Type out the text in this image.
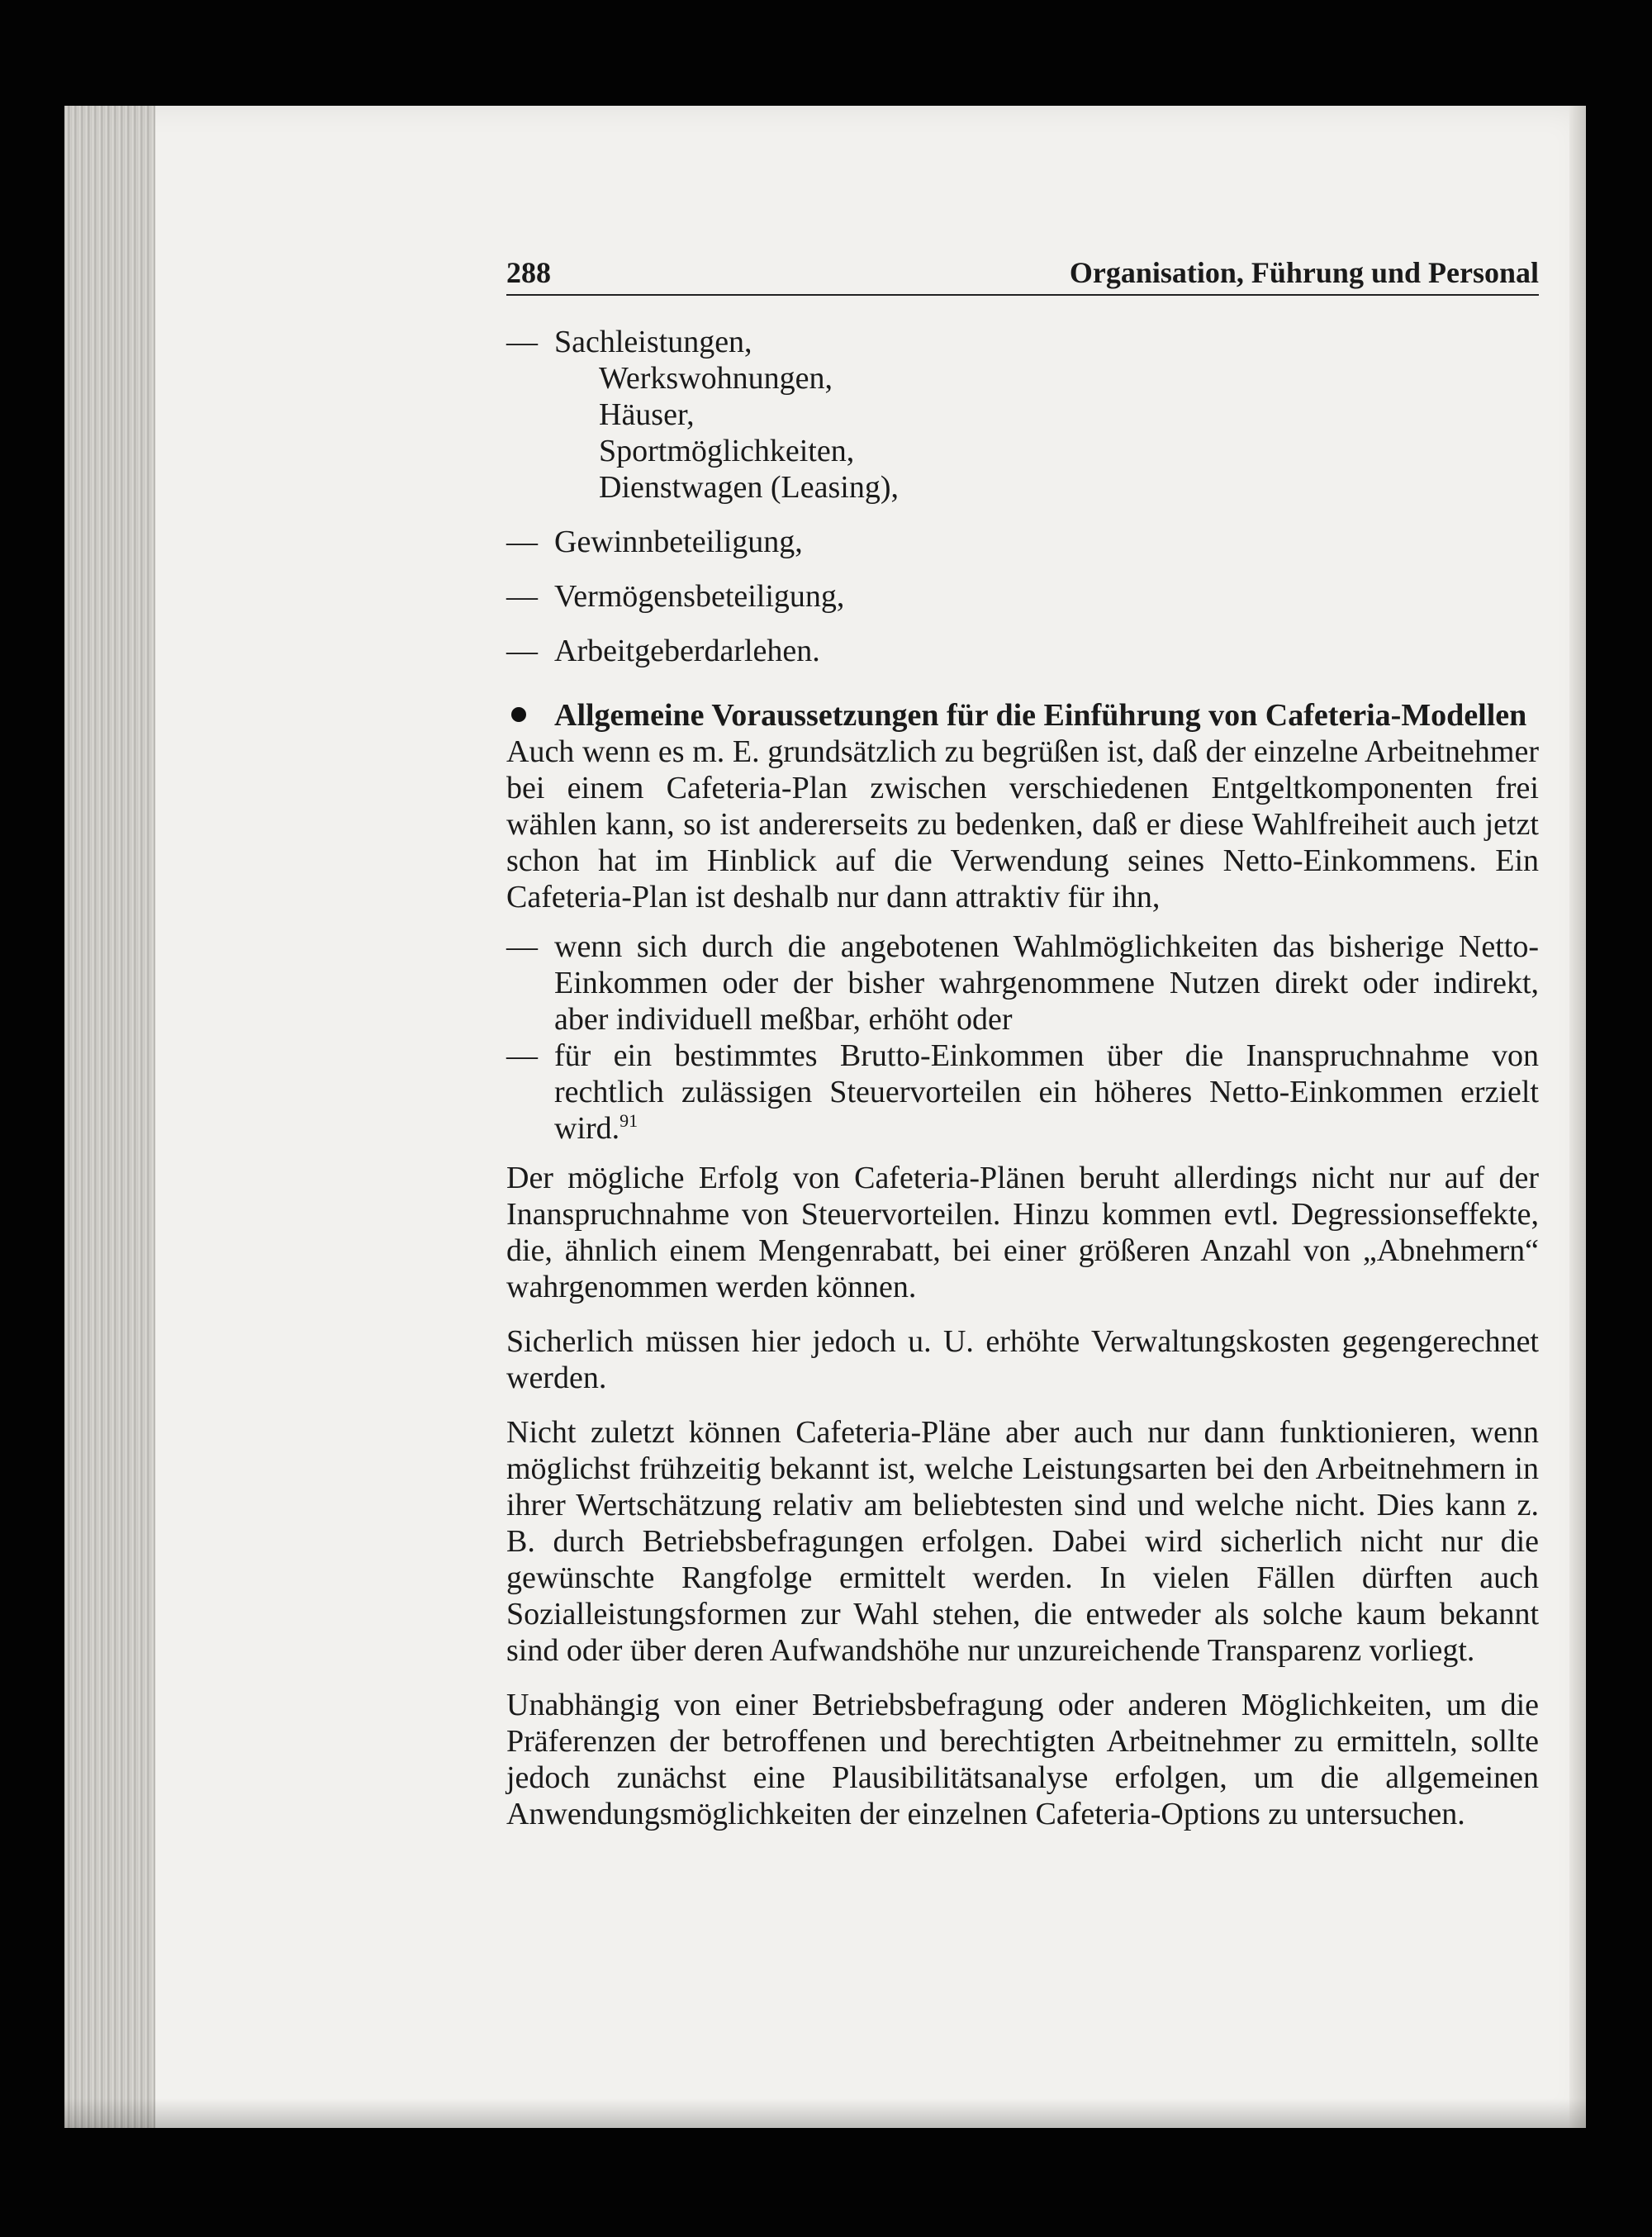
288	Organisation, Führung und Personal
— Sachleistungen,
Werkswohnungen,
Häuser,
Sportmöglichkeiten,
Dienstwagen (Leasing),
— Gewinnbeteiligung,
— Vermögensbeteiligung,
— Arbeitgeberdarlehen.
Allgemeine Voraussetzungen für die Einführung von Cafeteria-Modellen

Auch wenn es m. E. grundsätzlich zu begrüßen ist, daß der einzelne Arbeitnehmer bei einem Cafeteria-Plan zwischen verschiedenen Entgeltkomponenten frei wählen kann, so ist andererseits zu bedenken, daß er diese Wahlfreiheit auch jetzt schon hat im Hinblick auf die Verwendung seines Netto-Einkommens. Ein Cafeteria-Plan ist deshalb nur dann attraktiv für ihn,

— wenn sich durch die angebotenen Wahlmöglichkeiten das bisherige Netto-Einkommen oder der bisher wahrgenommene Nutzen direkt oder indirekt, aber individuell meßbar, erhöht oder
— für ein bestimmtes Brutto-Einkommen über die Inanspruchnahme von rechtlich zulässigen Steuervorteilen ein höheres Netto-Einkommen erzielt wird.$^{91}$

Der mögliche Erfolg von Cafeteria-Plänen beruht allerdings nicht nur auf der Inanspruchnahme von Steuervorteilen. Hinzu kommen evtl. Degressionseffekte, die, ähnlich einem Mengenrabatt, bei einer größeren Anzahl von „Abnehmern“ wahrgenommen werden können.

Sicherlich müssen hier jedoch u. U. erhöhte Verwaltungskosten gegengerechnet werden.

Nicht zuletzt können Cafeteria-Pläne aber auch nur dann funktionieren, wenn möglichst frühzeitig bekannt ist, welche Leistungsarten bei den Arbeitnehmern in ihrer Wertschätzung relativ am beliebtesten sind und welche nicht. Dies kann z. B. durch Betriebsbefragungen erfolgen. Dabei wird sicherlich nicht nur die gewünschte Rangfolge ermittelt werden. In vielen Fällen dürften auch Sozialleistungsformen zur Wahl stehen, die entweder als solche kaum bekannt sind oder über deren Aufwandshöhe nur unzureichende Transparenz vorliegt.

Unabhängig von einer Betriebsbefragung oder anderen Möglichkeiten, um die Präferenzen der betroffenen und berechtigten Arbeitnehmer zu ermitteln, sollte jedoch zunächst eine Plausibilitätsanalyse erfolgen, um die allgemeinen Anwendungsmöglichkeiten der einzelnen Cafeteria-Options zu untersuchen.
